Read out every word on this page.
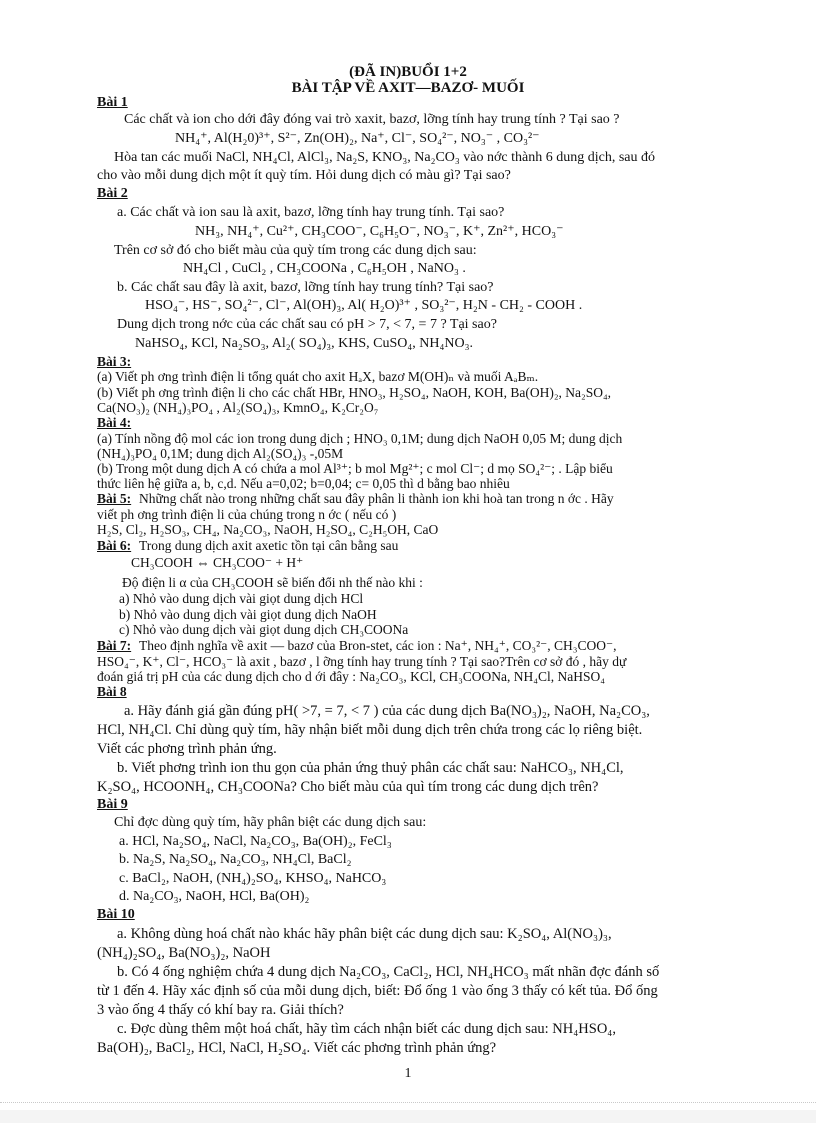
(ĐÃ IN)BUỔI 1+2
BÀI TẬP VỀ AXIT—BAZƠ- MUỐI
Bài 1
Các chất và ion cho dới đây đóng vai trò xaxit, bazơ, lỡng tính hay trung tính ? Tại sao ?
NH₄⁺, Al(H₂0)³⁺, S²⁻, Zn(OH)₂, Na⁺, Cl⁻, SO₄²⁻, NO₃⁻ , CO₃²⁻
Hòa tan các muối NaCl, NH₄Cl, AlCl₃, Na₂S, KNO₃, Na₂CO₃ vào nớc thành 6 dung dịch, sau đó
cho vào mỗi dung dịch một ít quỳ tím. Hỏi dung dịch có màu gì? Tại sao?
Bài 2
a. Các chất và ion sau là axit, bazơ, lỡng tính hay trung tính. Tại sao?
NH₃, NH₄⁺, Cu²⁺, CH₃COO⁻, C₆H₅O⁻, NO₃⁻, K⁺, Zn²⁺, HCO₃⁻
Trên cơ sở đó cho biết màu của quỳ tím trong các dung dịch sau:
NH₄Cl , CuCl₂ , CH₃COONa , C₆H₅OH , NaNO₃ .
b. Các chất sau đây là axit, bazơ, lỡng tính hay trung tính? Tại sao?
HSO₄⁻, HS⁻, SO₄²⁻, Cl⁻, Al(OH)₃, Al( H₂O)³⁺ , SO₃²⁻, H₂N - CH₂ - COOH .
Dung dịch trong nớc của các chất sau có pH > 7, < 7, = 7 ? Tại sao?
NaHSO₄, KCl, Na₂SO₃, Al₂( SO₄)₃, KHS, CuSO₄, NH₄NO₃.
Bài 3:
(a) Viết ph ơng trình điện li tổng quát cho axit HₐX, bazơ M(OH)ₙ và muối AₐBₘ.
(b) Viết ph ơng trình điện li cho các chất HBr, HNO₃, H₂SO₄, NaOH, KOH, Ba(OH)₂, Na₂SO₄,
Ca(NO₃)₂ (NH₄)₃PO₄ , Al₂(SO₄)₃, KmnO₄, K₂Cr₂O₇
Bài 4:
(a) Tính nồng độ mol các ion trong dung dịch ; HNO₃ 0,1M; dung dịch NaOH 0,05 M; dung dịch
(NH₄)₃PO₄ 0,1M; dung dịch Al₂(SO₄)₃ -,05M
(b) Trong một dung dịch A có chứa a mol Al³⁺; b mol Mg²⁺; c mol Cl⁻; d mọ SO₄²⁻; . Lập biểu
thức liên hệ giữa a, b, c,d. Nếu a=0,02; b=0,04; c= 0,05 thì d bằng bao nhiêu
Bài 5: Những chất nào trong những chất sau đây phân li thành ion khi hoà tan trong n ớc . Hãy
viết ph ơng trình điện li của chúng trong n ớc ( nếu có )
H₂S, Cl₂, H₂SO₃, CH₄, Na₂CO₃, NaOH, H₂SO₄, C₂H₅OH, CaO
Bài 6: Trong dung dịch axit axetic tồn tại cân bằng sau
CH₃COOH ⇔ CH₃COO⁻ + H⁺
Độ điện li α của CH₃COOH sẽ biến đổi nh thế nào khi :
a) Nhỏ vào dung dịch vài giọt dung dịch HCl
b) Nhỏ vào dung dịch vài giọt dung dịch NaOH
c) Nhỏ vào dung dịch vài giọt dung dịch CH₃COONa
Bài 7: Theo định nghĩa về axit — bazơ của Bron-stet, các ion : Na⁺, NH₄⁺, CO₃²⁻, CH₃COO⁻,
HSO₄⁻, K⁺, Cl⁻, HCO₃⁻ là axit , bazơ , l ỡng tính hay trung tính ? Tại sao?Trên cơ sở đó , hãy dự
đoán giá trị pH của các dung dịch cho d ới đây : Na₂CO₃, KCl, CH₃COONa, NH₄Cl, NaHSO₄
Bài 8
a. Hãy đánh giá gần đúng pH( >7, = 7, < 7 ) của các dung dịch Ba(NO₃)₂, NaOH, Na₂CO₃,
HCl, NH₄Cl. Chỉ dùng quỳ tím, hãy nhận biết mỗi dung dịch trên chứa trong các lọ riêng biệt.
Viết các phơng trình phản ứng.
b. Viết phơng trình ion thu gọn của phản ứng thuỷ phân các chất sau: NaHCO₃, NH₄Cl,
K₂SO₄, HCOONH₄, CH₃COONa? Cho biết màu của quì tím trong các dung dịch trên?
Bài 9
Chỉ đợc dùng quỳ tím, hãy phân biệt các dung dịch sau:
a. HCl, Na₂SO₄, NaCl, Na₂CO₃, Ba(OH)₂, FeCl₃
b. Na₂S, Na₂SO₄, Na₂CO₃, NH₄Cl, BaCl₂
c. BaCl₂, NaOH, (NH₄)₂SO₄, KHSO₄, NaHCO₃
d. Na₂CO₃, NaOH, HCl, Ba(OH)₂
Bài 10
a. Không dùng hoá chất nào khác hãy phân biệt các dung dịch sau: K₂SO₄, Al(NO₃)₃,
(NH₄)₂SO₄, Ba(NO₃)₂, NaOH
b. Có 4 ống nghiệm chứa 4 dung dịch Na₂CO₃, CaCl₂, HCl, NH₄HCO₃ mất nhãn đợc đánh số
từ 1 đến 4. Hãy xác định số của mỗi dung dịch, biết: Đổ ống 1 vào ống 3 thấy có kết tủa. Đổ ống
3 vào ống 4 thấy có khí bay ra. Giải thích?
c. Đợc dùng thêm một hoá chất, hãy tìm cách nhận biết các dung dịch sau: NH₄HSO₄,
Ba(OH)₂, BaCl₂, HCl, NaCl, H₂SO₄. Viết các phơng trình phản ứng?
1
